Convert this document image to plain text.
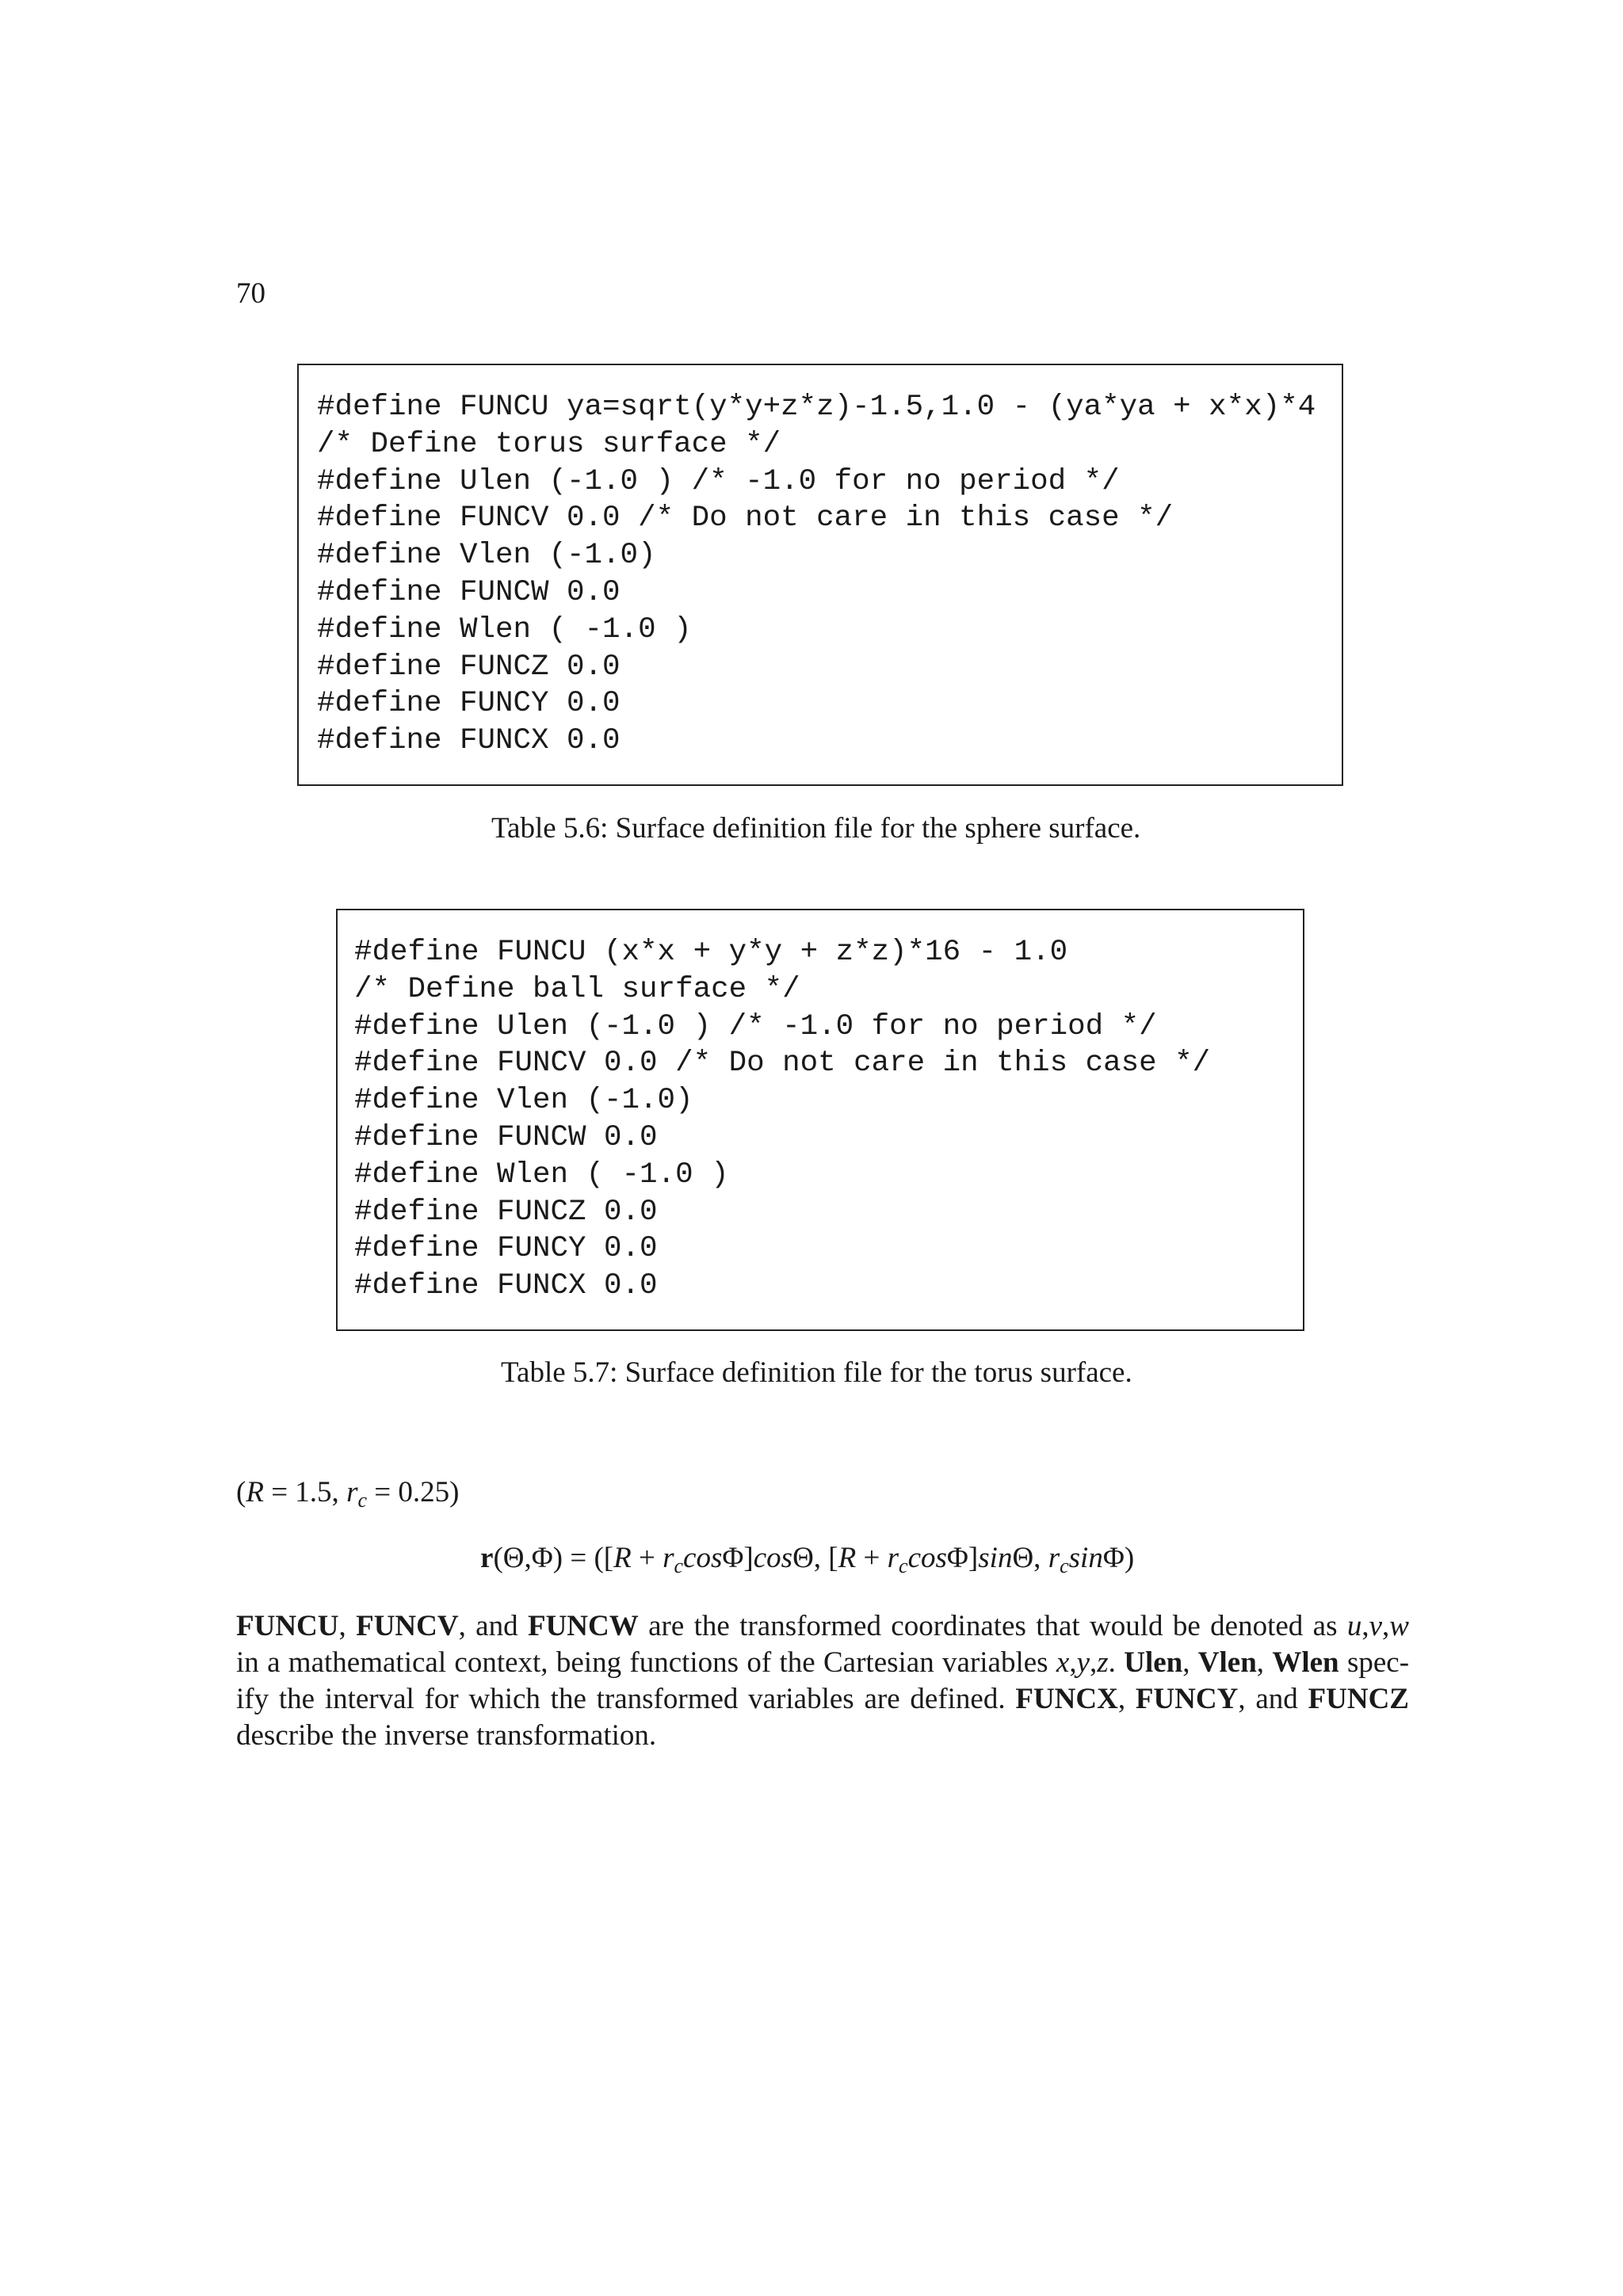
70
#define FUNCU ya=sqrt(y*y+z*z)-1.5,1.0 - (ya*ya + x*x)*4
/* Define torus surface */
#define Ulen (-1.0 ) /* -1.0 for no period */
#define FUNCV 0.0 /* Do not care in this case */
#define Vlen (-1.0)
#define FUNCW 0.0
#define Wlen ( -1.0 )
#define FUNCZ 0.0
#define FUNCY 0.0
#define FUNCX 0.0
Table 5.6: Surface definition file for the sphere surface.
#define FUNCU (x*x + y*y + z*z)*16 - 1.0
/* Define ball surface */
#define Ulen (-1.0 ) /* -1.0 for no period */
#define FUNCV 0.0 /* Do not care in this case */
#define Vlen (-1.0)
#define FUNCW 0.0
#define Wlen ( -1.0 )
#define FUNCZ 0.0
#define FUNCY 0.0
#define FUNCX 0.0
Table 5.7: Surface definition file for the torus surface.
(R = 1.5, $r_c = 0.25$)
$r(\Theta,\Phi) = ([R + r_c\cos\Phi]\cos\Theta$, $[R + r_c\cos\Phi]\sin\Theta$, $r_c\sin\Phi$)
FUNCU, FUNCV, and FUNCW are the transformed coordinates that would be denoted as u,v,w
in a mathematical context, being functions of the Cartesian variables x,y,z. Ulen, Vlen, Wlen spec-
ify the interval for which the transformed variables are defined. FUNCX, FUNCY, and FUNCZ
describe the inverse transformation.
